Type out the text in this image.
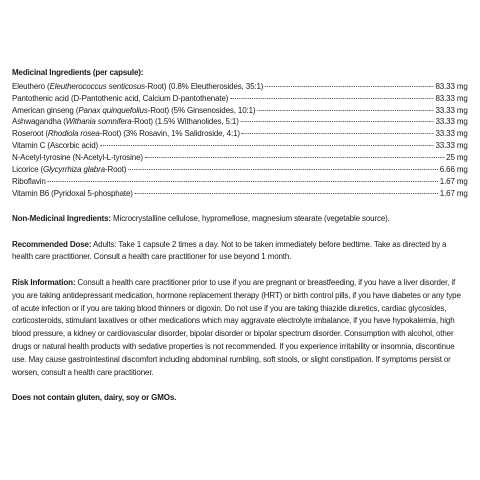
Medicinal Ingredients (per capsule):
Eleuthero (Eleutherococcus senticosus-Root) (0.8% Eleutherosides, 35:1)	83.33 mg
Pantothenic acid (D-Pantothenic acid, Calcium D-pantothenate)	83.33 mg
American ginseng (Panax quinquefolius-Root) (5% Ginsenosides, 10:1)	33.33 mg
Ashwagandha (Withania somnifera-Root) (1.5% Withanolides, 5:1)	33.33 mg
Roseroot (Rhodiola rosea-Root) (3% Rosavin, 1% Salidroside, 4:1)	33.33 mg
Vitamin C (Ascorbic acid)	33.33 mg
N-Acetyl-tyrosine (N-Acetyl-L-tyrosine)	25 mg
Licorice (Glycyrrhiza glabra-Root)	6.66 mg
Riboflavin	1.67 mg
Vitamin B6 (Pyridoxal 5-phosphate)	1.67 mg

Non-Medicinal Ingredients: Microcrystalline cellulose, hypromellose, magnesium stearate (vegetable source).

Recommended Dose: Adults: Take 1 capsule 2 times a day. Not to be taken immediately before bedtime. Take as directed by a health care practitioner. Consult a health care practitioner for use beyond 1 month.

Risk Information: Consult a health care practitioner prior to use if you are pregnant or breastfeeding, if you have a liver disorder, if you are taking antidepressant medication, hormone replacement therapy (HRT) or birth control pills, if you have diabetes or any type of acute infection or if you are taking blood thinners or digoxin. Do not use if you are taking thiazide diuretics, cardiac glycosides, corticosteroids, stimulant laxatives or other medications which may aggravate electrolyte imbalance, if you have hypokalemia, high blood pressure, a kidney or cardiovascular disorder, bipolar disorder or bipolar spectrum disorder. Consumption with alcohol, other drugs or natural health products with sedative properties is not recommended. If you experience irritability or insomnia, discontinue use. May cause gastrointestinal discomfort including abdominal rumbling, soft stools, or slight constipation. If symptoms persist or worsen, consult a health care practitioner.

Does not contain gluten, dairy, soy or GMOs.
